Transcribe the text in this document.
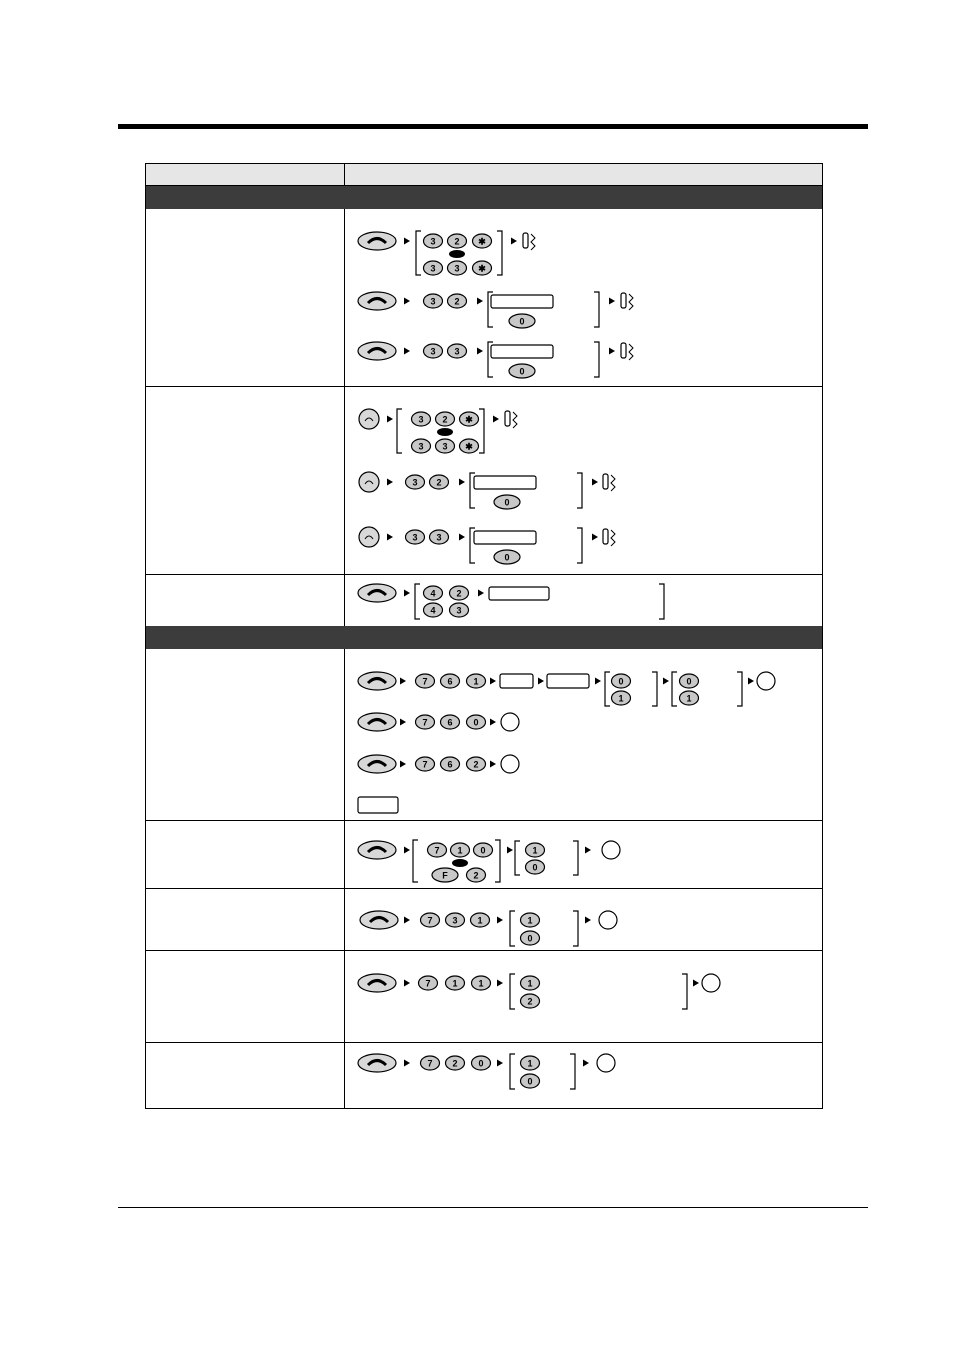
3 2 ✱
3 3 ✱
3 2
0
3 3
0
3 2 ✱
3 3 ✱
3 2
0
3 3
0
4 2
4 3
7 6 1	0
1
0
1
7 6 0
7 6 2
7 1 0
F	2
1
0
7 3 1	1
0
7 1 1	1
2
7 2 0	1
0
